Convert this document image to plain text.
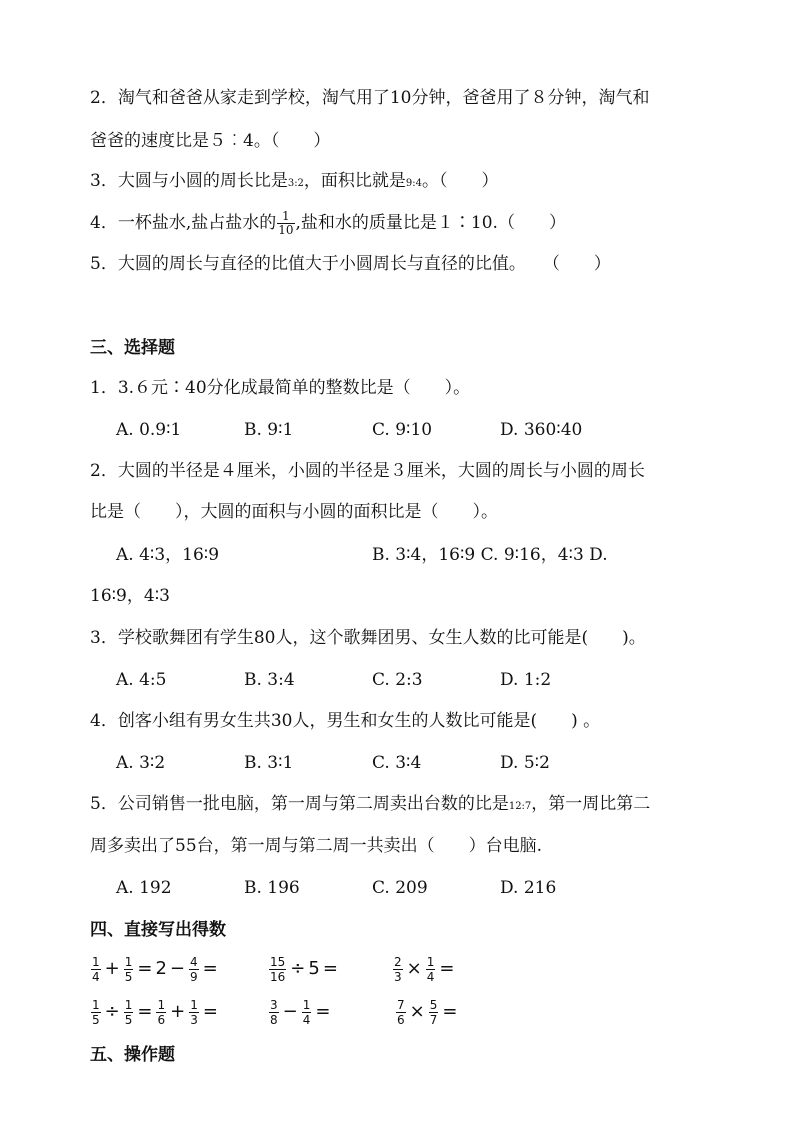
2．淘气和爸爸从家走到学校，淘气用了10分钟，爸爸用了８分钟，淘气和
爸爸的速度比是５︰4。（　　）
3．大圆与小圆的周长比是3:2，面积比就是9:4。（　　）
4．一杯盐水,盐占盐水的 $\frac{1}{10}$ ,盐和水的质量比是１∶10.（　　）
5．大圆的周长与直径的比值大于小圆周长与直径的比值。　　（　　）
三、选择题
1．3.６元∶40分化成最简单的整数比是（　　）。
A. 0.9∶1	B. 9∶1	C. 9∶10	D. 360∶40
2．大圆的半径是４厘米，小圆的半径是３厘米，大圆的周长与小圆的周长
比是（　　），大圆的面积与小圆的面积比是（　　）。
A. 4∶3，16∶9	B. 3∶4，16∶9 C. 9∶16，4∶3 D.
16∶9，4∶3
3．学校歌舞团有学生80人，这个歌舞团男、女生人数的比可能是(　　)。
A. 4:5	B. 3:4	C. 2:3	D. 1:2
4．创客小组有男女生共30人，男生和女生的人数比可能是(　　) 。
A. 3∶2	B. 3∶1	C. 3∶4	D. 5∶2
5．公司销售一批电脑，第一周与第二周卖出台数的比是12:7，第一周比第二
周多卖出了55台，第一周与第二周一共卖出（　　）台电脑.
A. 192	B. 196	C. 209	D. 216
四、直接写出得数
$\frac{1}{4} + \frac{1}{5} = 2 - \frac{4}{9}$ =	$\frac{15}{16} \div 5$ =	$\frac{2}{3} \times \frac{1}{4}$ =
$\frac{1}{5} \div \frac{1}{5} = \frac{1}{6} + \frac{1}{3}$ =	$\frac{3}{8} - \frac{1}{4}$ =	$\frac{7}{6} \times \frac{5}{7}$ =
五、操作题
